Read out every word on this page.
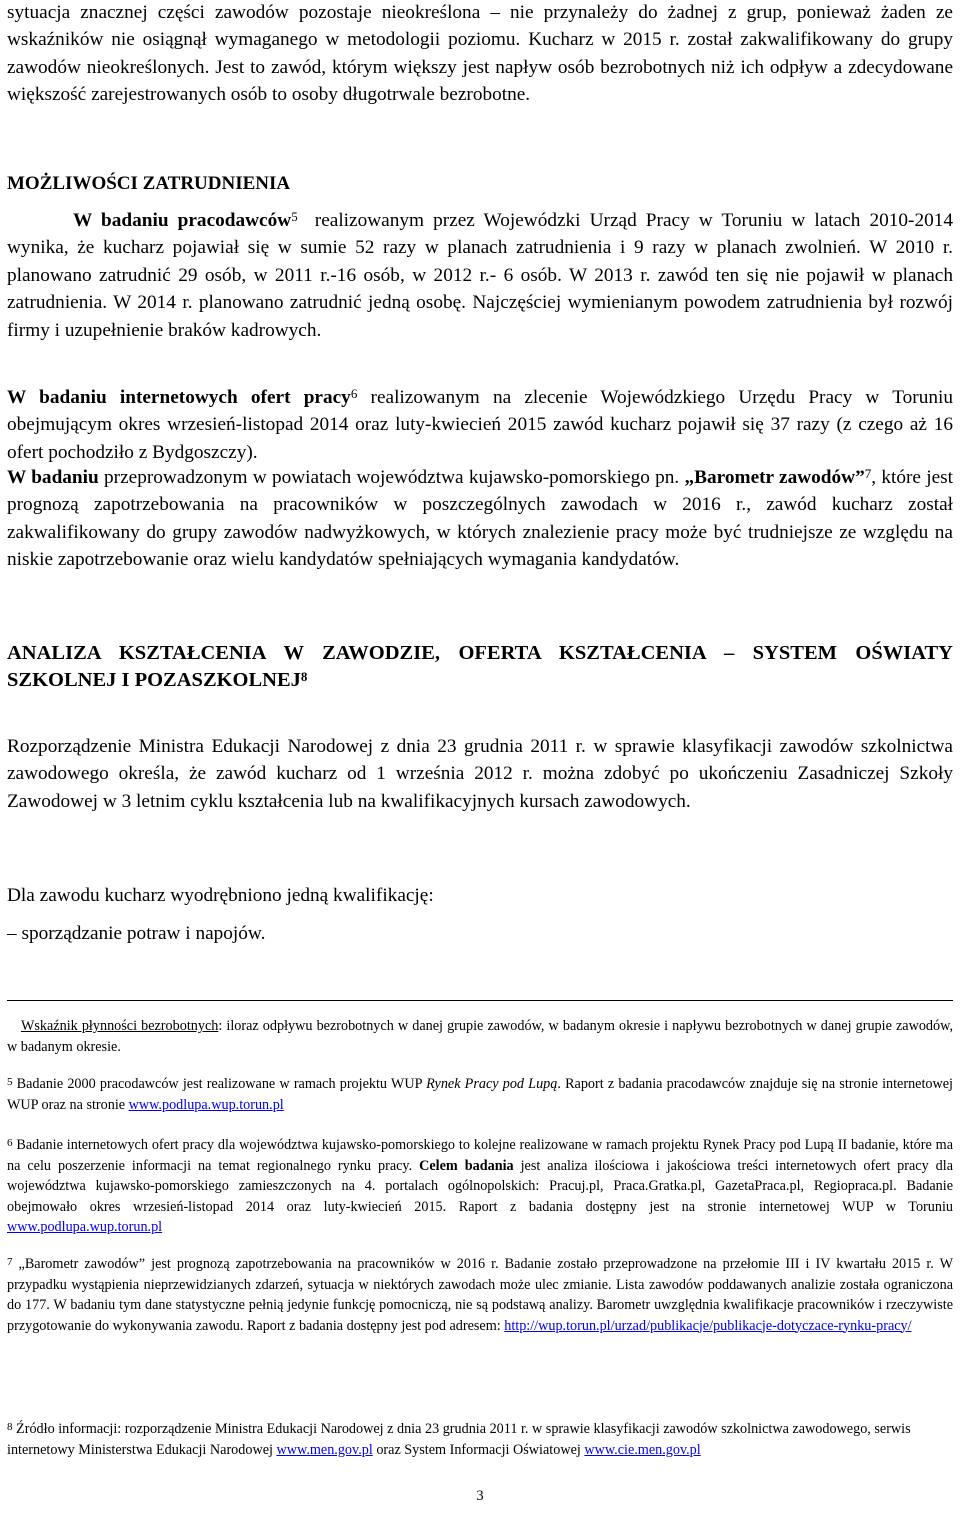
sytuacja znacznej części zawodów pozostaje nieokreślona – nie przynależy do żadnej z grup, ponieważ żaden ze wskaźników nie osiągnął wymaganego w metodologii poziomu. Kucharz w 2015 r. został zakwalifikowany do grupy zawodów nieokreślonych. Jest to zawód, którym większy jest napływ osób bezrobotnych niż ich odpływ a zdecydowane większość zarejestrowanych osób to osoby długotrwale bezrobotne.

MOŻLIWOŚCI ZATRUDNIENIA

W badaniu pracodawców$^5$ realizowanym przez Wojewódzki Urząd Pracy w Toruniu w latach 2010-2014 wynika, że kucharz pojawiał się w sumie 52 razy w planach zatrudnienia i 9 razy w planach zwolnień. W 2010 r. planowano zatrudnić 29 osób, w 2011 r.-16 osób, w 2012 r.- 6 osób. W 2013 r. zawód ten się nie pojawił w planach zatrudnienia. W 2014 r. planowano zatrudnić jedną osobę. Najczęściej wymienianym powodem zatrudnienia był rozwój firmy i uzupełnienie braków kadrowych.

W badaniu internetowych ofert pracy$^6$ realizowanym na zlecenie Wojewódzkiego Urzędu Pracy w Toruniu obejmującym okres wrzesień-listopad 2014 oraz luty-kwiecień 2015 zawód kucharz pojawił się 37 razy (z czego aż 16 ofert pochodziło z Bydgoszczy).

W badaniu przeprowadzonym w powiatach województwa kujawsko-pomorskiego pn. „Barometr zawodów”$^7$, które jest prognozą zapotrzebowania na pracowników w poszczególnych zawodach w 2016 r., zawód kucharz został zakwalifikowany do grupy zawodów nadwyżkowych, w których znalezienie pracy może być trudniejsze ze względu na niskie zapotrzebowanie oraz wielu kandydatów spełniających wymagania kandydatów.

ANALIZA KSZTAŁCENIA W ZAWODZIE, OFERTA KSZTAŁCENIA – SYSTEM OŚWIATY SZKOLNEJ I POZASZKOLNEJ$^8$

Rozporządzenie Ministra Edukacji Narodowej z dnia 23 grudnia 2011 r. w sprawie klasyfikacji zawodów szkolnictwa zawodowego określa, że zawód kucharz od 1 września 2012 r. można zdobyć po ukończeniu Zasadniczej Szkoły Zawodowej w 3 letnim cyklu kształcenia lub na kwalifikacyjnych kursach zawodowych.

Dla zawodu kucharz wyodrębniono jedną kwalifikację:

– sporządzanie potraw i napojów.

Wskaźnik płynności bezrobotnych: iloraz odpływu bezrobotnych w danej grupie zawodów, w badanym okresie i napływu bezrobotnych w danej grupie zawodów, w badanym okresie.

$^5$ Badanie 2000 pracodawców jest realizowane w ramach projektu WUP Rynek Pracy pod Lupą. Raport z badania pracodawców znajduje się na stronie internetowej WUP oraz na stronie www.podlupa.wup.torun.pl

$^6$ Badanie internetowych ofert pracy dla województwa kujawsko-pomorskiego to kolejne realizowane w ramach projektu Rynek Pracy pod Lupą II badanie, które ma na celu poszerzenie informacji na temat regionalnego rynku pracy. Celem badania jest analiza ilościowa i jakościowa treści internetowych ofert pracy dla województwa kujawsko-pomorskiego zamieszczonych na 4. portalach ogólnopolskich: Pracuj.pl, Praca.Gratka.pl, GazetaPraca.pl, Regiopraca.pl. Badanie obejmowało okres wrzesień-listopad 2014 oraz luty-kwiecień 2015. Raport z badania dostępny jest na stronie internetowej WUP w Toruniu www.podlupa.wup.torun.pl

$^7$ „Barometr zawodów” jest prognozą zapotrzebowania na pracowników w 2016 r. Badanie zostało przeprowadzone na przełomie III i IV kwartału 2015 r. W przypadku wystąpienia nieprzewidzianych zdarzeń, sytuacja w niektórych zawodach może ulec zmianie. Lista zawodów poddawanych analizie została ograniczona do 177. W badaniu tym dane statystyczne pełnią jedynie funkcję pomocniczą, nie są podstawą analizy. Barometr uwzględnia kwalifikacje pracowników i rzeczywiste przygotowanie do wykonywania zawodu. Raport z badania dostępny jest pod adresem: http://wup.torun.pl/urzad/publikacje/publikacje-dotyczace-rynku-pracy/

$^8$ Źródło informacji: rozporządzenie Ministra Edukacji Narodowej z dnia 23 grudnia 2011 r. w sprawie klasyfikacji zawodów szkolnictwa zawodowego, serwis internetowy Ministerstwa Edukacji Narodowej www.men.gov.pl oraz System Informacji Oświatowej www.cie.men.gov.pl

3
